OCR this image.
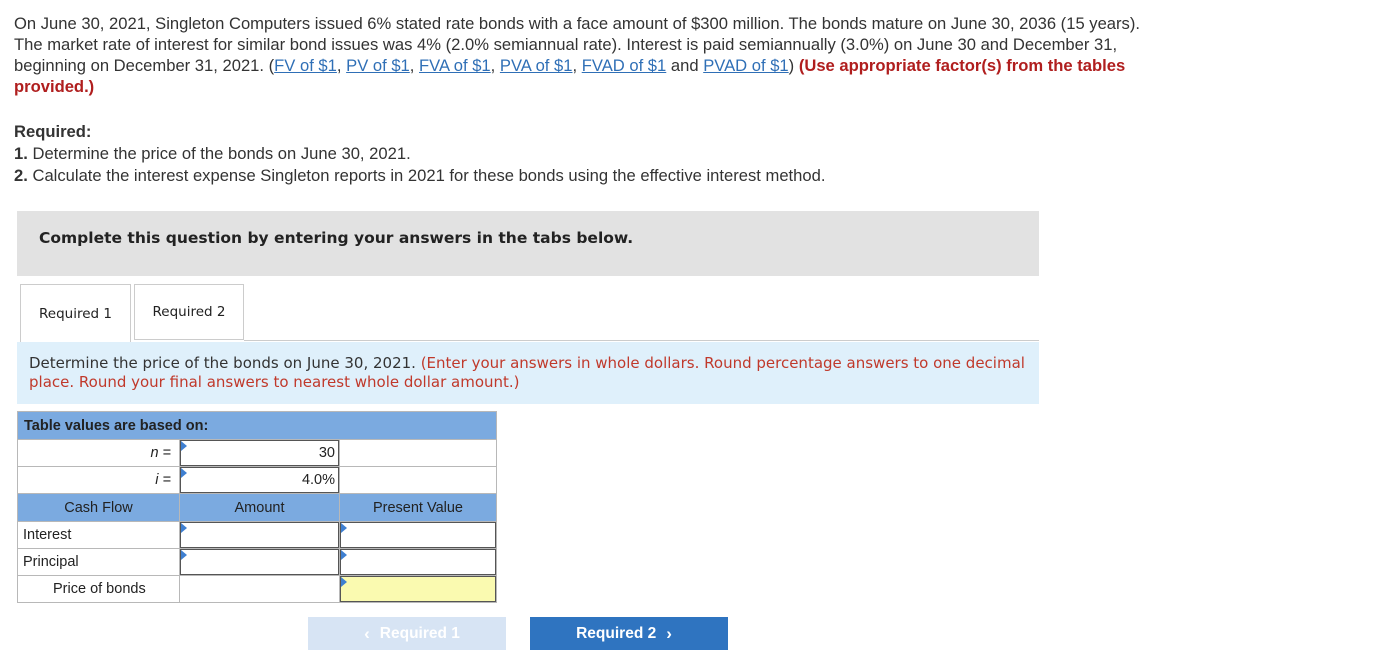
On June 30, 2021, Singleton Computers issued 6% stated rate bonds with a face amount of $300 million. The bonds mature on June 30, 2036 (15 years). The market rate of interest for similar bond issues was 4% (2.0% semiannual rate). Interest is paid semiannually (3.0%) on June 30 and December 31, beginning on December 31, 2021. (FV of $1, PV of $1, FVA of $1, PVA of $1, FVAD of $1 and PVAD of $1) (Use appropriate factor(s) from the tables provided.)
Required:
1. Determine the price of the bonds on June 30, 2021.
2. Calculate the interest expense Singleton reports in 2021 for these bonds using the effective interest method.
Complete this question by entering your answers in the tabs below.
Required 1	Required 2
Determine the price of the bonds on June 30, 2021. (Enter your answers in whole dollars. Round percentage answers to one decimal place. Round your final answers to nearest whole dollar amount.)
Table values are based on:		
n =	30	

i =	4.0%	

Cash Flow	Amount	Present Value
Interest	

Principal	

Price of bonds		
‹ Required 1	Required 2 ›
